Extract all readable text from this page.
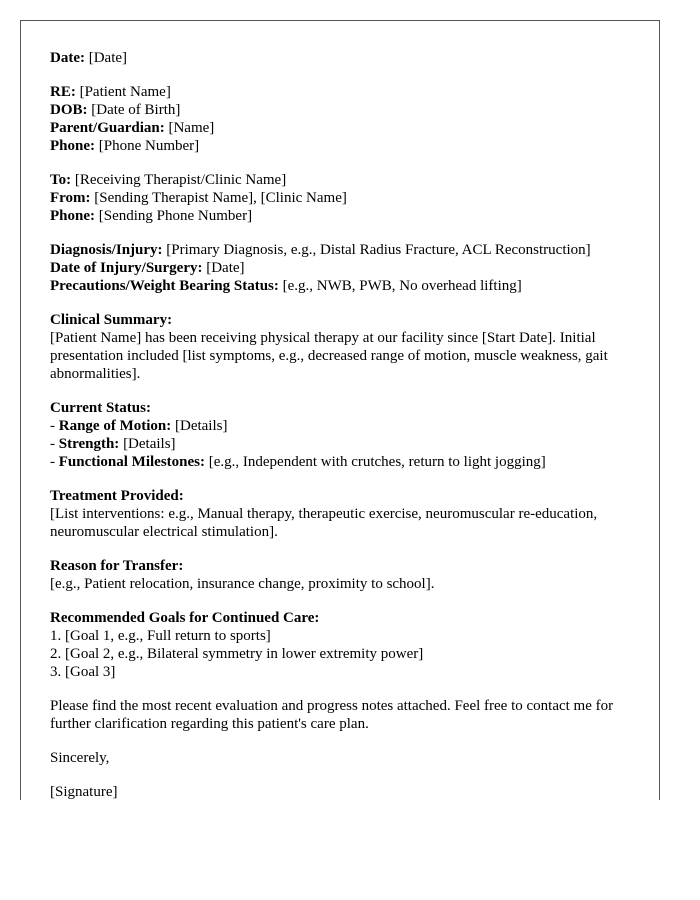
Date: [Date]
RE: [Patient Name]
DOB: [Date of Birth]
Parent/Guardian: [Name]
Phone: [Phone Number]
To: [Receiving Therapist/Clinic Name]
From: [Sending Therapist Name], [Clinic Name]
Phone: [Sending Phone Number]
Diagnosis/Injury: [Primary Diagnosis, e.g., Distal Radius Fracture, ACL Reconstruction]
Date of Injury/Surgery: [Date]
Precautions/Weight Bearing Status: [e.g., NWB, PWB, No overhead lifting]
Clinical Summary:
[Patient Name] has been receiving physical therapy at our facility since [Start Date]. Initial presentation included [list symptoms, e.g., decreased range of motion, muscle weakness, gait abnormalities].
Current Status:
- Range of Motion: [Details]
- Strength: [Details]
- Functional Milestones: [e.g., Independent with crutches, return to light jogging]
Treatment Provided:
[List interventions: e.g., Manual therapy, therapeutic exercise, neuromuscular re-education, neuromuscular electrical stimulation].
Reason for Transfer:
[e.g., Patient relocation, insurance change, proximity to school].
Recommended Goals for Continued Care:
1. [Goal 1, e.g., Full return to sports]
2. [Goal 2, e.g., Bilateral symmetry in lower extremity power]
3. [Goal 3]
Please find the most recent evaluation and progress notes attached. Feel free to contact me for further clarification regarding this patient's care plan.
Sincerely,
[Signature]
